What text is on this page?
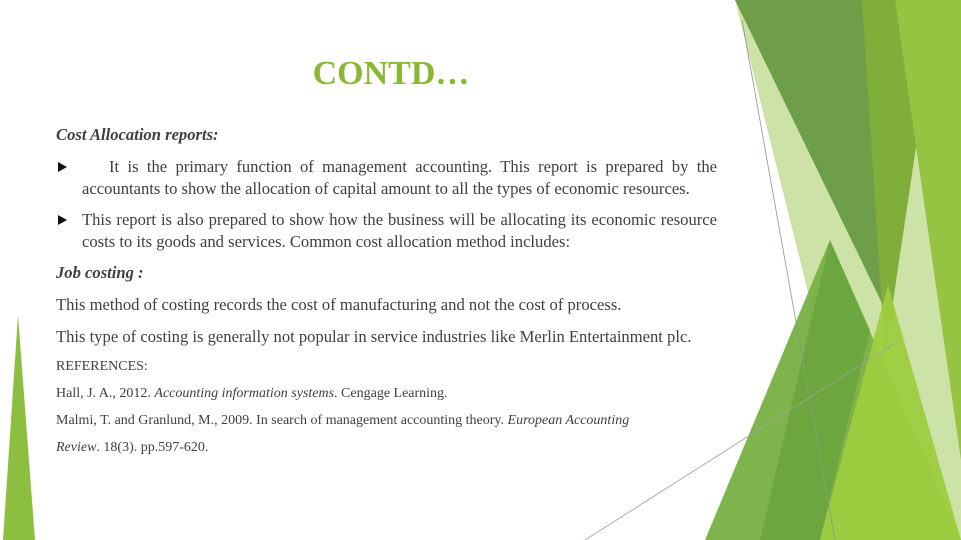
CONTD…

Cost Allocation reports:

It is the primary function of management accounting. This report is prepared by the accountants to show the allocation of capital amount to all the types of economic resources.
This report is also prepared to show how the business will be allocating its economic resource costs to its goods and services. Common cost allocation method includes:

Job costing :

This method of costing records the cost of manufacturing and not the cost of process.

This type of costing is generally not popular in service industries like Merlin Entertainment plc.

REFERENCES:

Hall, J. A., 2012. Accounting information systems. Cengage Learning.

Malmi, T. and Granlund, M., 2009. In search of management accounting theory. European Accounting

Review. 18(3). pp.597-620.
